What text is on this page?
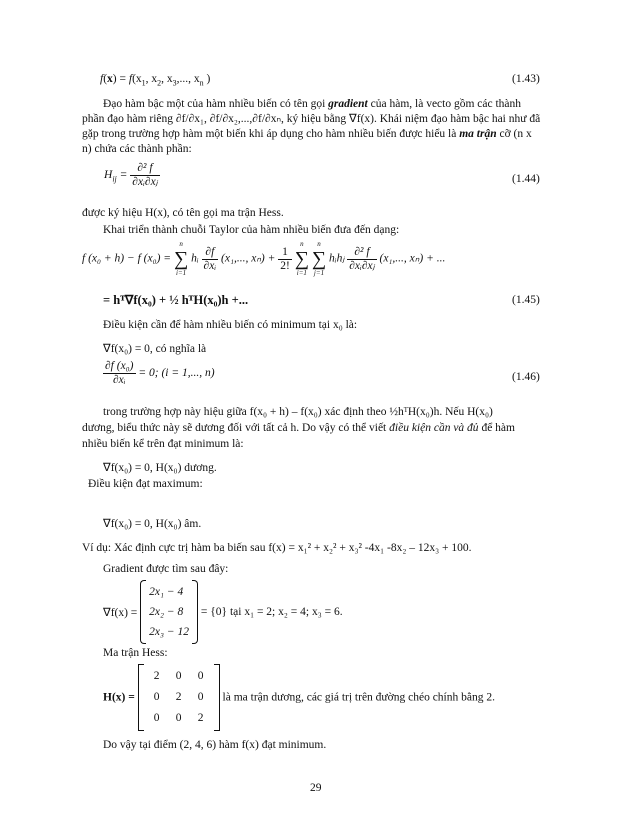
$f(x) = f(x_1$, $x_2$, $x_3$,..., $x_n$ )	(1.43)
Đạo hàm bậc một của hàm nhiều biến có tên gọi gradient của hàm, là vecto gồm các thành
phần đạo hàm riêng ∂f/∂x₁, ∂f/∂x₂,...,∂f/∂xₙ, ký hiệu bằng ∇f(x). Khái niệm đạo hàm bậc hai như đã
gặp trong trường hợp hàm một biến khi áp dụng cho hàm nhiều biến được hiểu là ma trận cỡ (n x
n) chứa các thành phần:
$H_{ij} = \frac{\text{∂² f}}{\text{∂xᵢ∂xⱼ}}$	(1.44)
được ký hiệu H(x), có tên gọi ma trận Hess.
Khai triển thành chuỗi Taylor của hàm nhiều biến đưa đến dạng:
f (x₀ + h) − f (x₀) =
n
∑
i=1
hᵢ $\frac{\partial f}{\text{∂xᵢ}} (x_1$,..., $x_n) + \frac{1}{2!}$

n
∑
i=1

n
∑
j=1
hᵢhⱼ $\frac{\text{∂² f}}{\text{∂xᵢ∂xⱼ}} (x_1$,..., xₙ) + ...
= hᵀ∇f(x₀) + ½ hᵀH(x₀)h +...	(1.45)
Điều kiện cần để hàm nhiều biến có minimum tại x₀ là:
∇f(x₀) = 0, có nghĩa là
$\frac{\text{∂f (x₀)}}{\text{∂xᵢ}} = 0$; (i = 1,..., n)	(1.46)
trong trường hợp này hiệu giữa f(x₀ + h) – f(x₀) xác định theo ½hᵀH(x₀)h. Nếu H(x₀)
dương, biểu thức này sẽ dương đối với tất cả h. Do vậy có thể viết điều kiện cần và đủ để hàm
nhiều biến kể trên đạt minimum là:
∇f(x₀) = 0, H(x₀) dương.
Điều kiện đạt maximum:
∇f(x₀) = 0, H(x₀) âm.
Ví dụ: Xác định cực trị hàm ba biến sau f(x) = x₁² + x₂² + x₃² -4x₁ -8x₂ – 12x₃ + 100.
Gradient được tìm sau đây:
∇f(x) =
2x₁ − 4
2x₂ − 8
2x₃ − 12
= {0} tại x₁ = 2; x₂ = 4; x₃ = 6.
Ma trận Hess:
H(x) =
2 0 0
0 2 0
0 0 2
là ma trận dương, các giá trị trên đường chéo chính bằng 2.
Do vậy tại điểm (2, 4, 6) hàm f(x) đạt minimum.
29
